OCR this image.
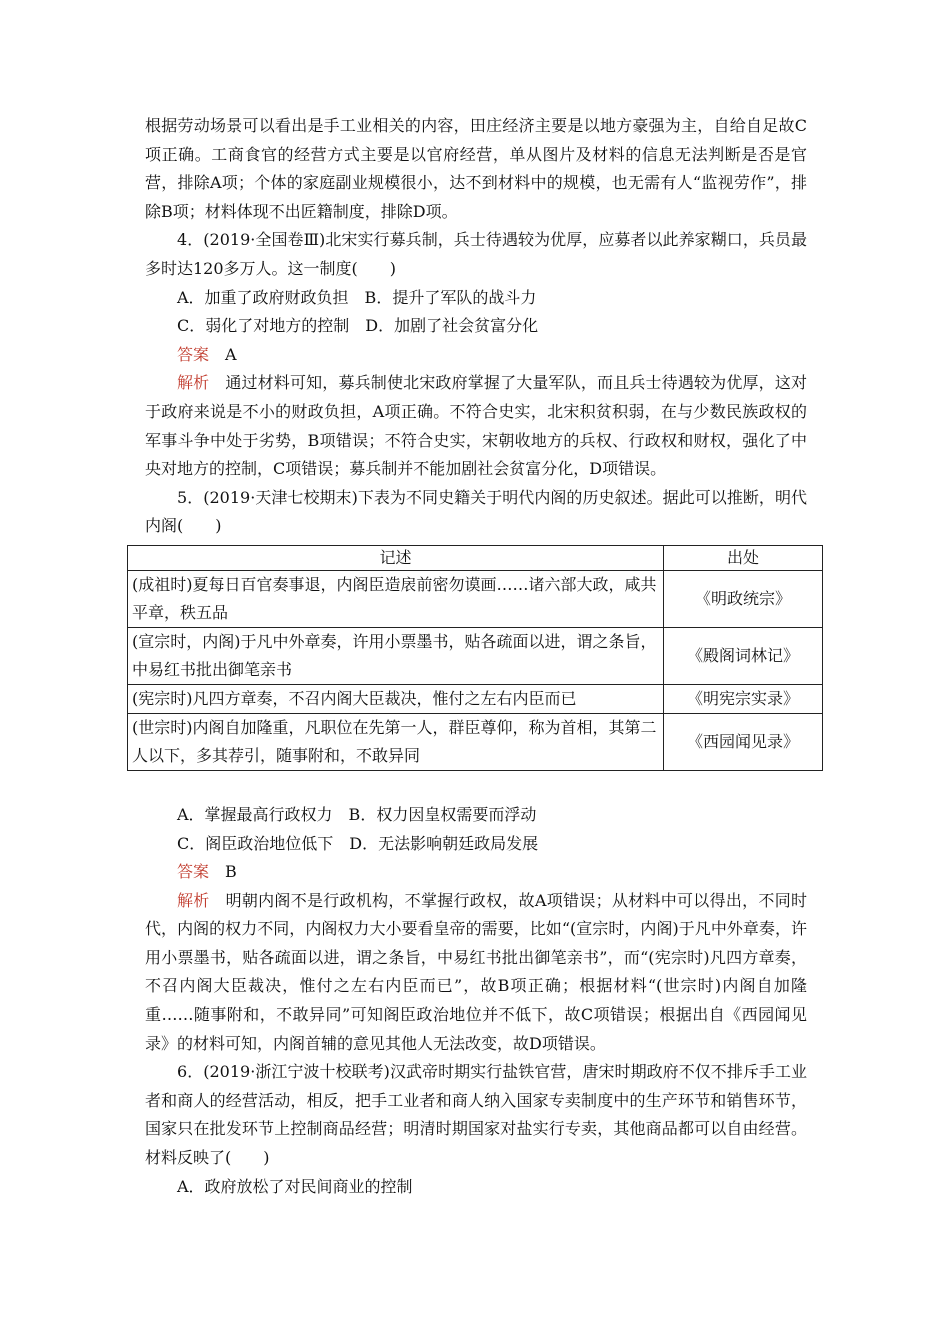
根据劳动场景可以看出是手工业相关的内容，田庄经济主要是以地方豪强为主，自给自足故C项正确。工商食官的经营方式主要是以官府经营，单从图片及材料的信息无法判断是否是官营，排除A项；个体的家庭副业规模很小，达不到材料中的规模，也无需有人“监视劳作”，排除B项；材料体现不出匠籍制度，排除D项。

4．(2019·全国卷Ⅲ)北宋实行募兵制，兵士待遇较为优厚，应募者以此养家糊口，兵员最多时达120多万人。这一制度(　　)

A．加重了政府财政负担　B．提升了军队的战斗力

C．弱化了对地方的控制　D．加剧了社会贫富分化

答案 A

解析 通过材料可知，募兵制使北宋政府掌握了大量军队，而且兵士待遇较为优厚，这对于政府来说是不小的财政负担，A项正确。不符合史实，北宋积贫积弱，在与少数民族政权的军事斗争中处于劣势，B项错误；不符合史实，宋朝收地方的兵权、行政权和财权，强化了中央对地方的控制，C项错误；募兵制并不能加剧社会贫富分化，D项错误。

5．(2019·天津七校期末)下表为不同史籍关于明代内阁的历史叙述。据此可以推断，明代内阁(　　)

记述	出处
(成祖时)夏每日百官奏事退，内阁臣造扆前密勿谟画……诸六部大政，咸共平章，秩五品	《明政统宗》
(宣宗时，内阁)于凡中外章奏，许用小票墨书，贴各疏面以进，谓之条旨，中易红书批出御笔亲书	《殿阁词林记》
(宪宗时)凡四方章奏，不召内阁大臣裁决，惟付之左右内臣而已	《明宪宗实录》
(世宗时)内阁自加隆重，凡职位在先第一人，群臣尊仰，称为首相，其第二人以下，多其荐引，随事附和，不敢异同	《西园闻见录》

A．掌握最高行政权力　B．权力因皇权需要而浮动

C．阁臣政治地位低下　D．无法影响朝廷政局发展

答案 B

解析 明朝内阁不是行政机构，不掌握行政权，故A项错误；从材料中可以得出，不同时代，内阁的权力不同，内阁权力大小要看皇帝的需要，比如“(宣宗时，内阁)于凡中外章奏，许用小票墨书，贴各疏面以进，谓之条旨，中易红书批出御笔亲书”，而“(宪宗时)凡四方章奏，不召内阁大臣裁决，惟付之左右内臣而已”，故B项正确；根据材料“(世宗时)内阁自加隆重……随事附和，不敢异同”可知阁臣政治地位并不低下，故C项错误；根据出自《西园闻见录》的材料可知，内阁首辅的意见其他人无法改变，故D项错误。

6．(2019·浙江宁波十校联考)汉武帝时期实行盐铁官营，唐宋时期政府不仅不排斥手工业者和商人的经营活动，相反，把手工业者和商人纳入国家专卖制度中的生产环节和销售环节，国家只在批发环节上控制商品经营；明清时期国家对盐实行专卖，其他商品都可以自由经营。材料反映了(　　)

A．政府放松了对民间商业的控制
